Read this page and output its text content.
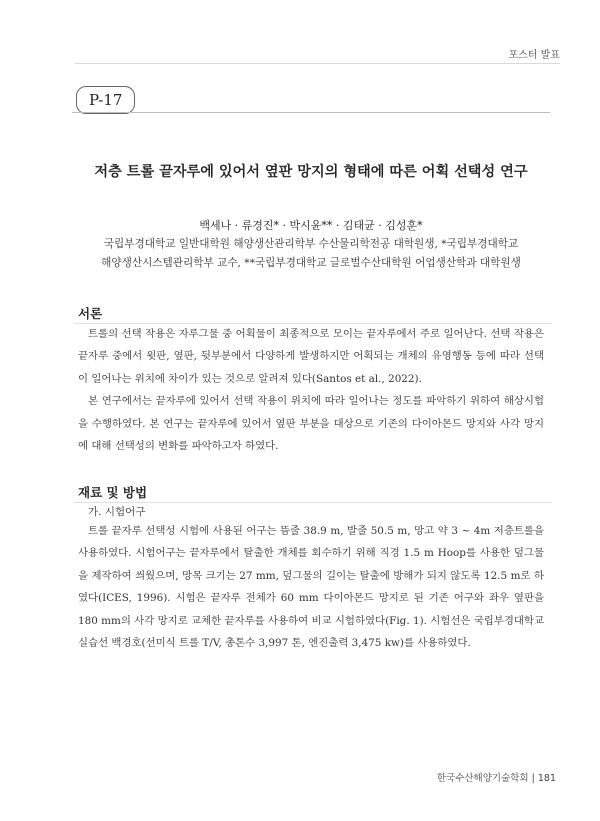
포스터 발표
P-17
저층 트롤 끝자루에 있어서 옆판 망지의 형태에 따른 어획 선택성 연구
백세나 · 류경진* · 박시윤** · 김태균 · 김성훈*
국립부경대학교 일반대학원 해양생산관리학부 수산물리학전공 대학원생, *국립부경대학교
해양생산시스템관리학부 교수, **국립부경대학교 글로벌수산대학원 어업생산학과 대학원생
서론

트롤의 선택 작용은 자루그물 중 어획물이 최종적으로 모이는 끝자루에서 주로 일어난다. 선택 작용은 끝자루 중에서 윗판, 옆판, 뒷부분에서 다양하게 발생하지만 어획되는 개체의 유영행동 등에 따라 선택이 일어나는 위치에 차이가 있는 것으로 알려져 있다(Santos et al., 2022).

본 연구에서는 끝자루에 있어서 선택 작용이 위치에 따라 일어나는 정도를 파악하기 위하여 해상시험을 수행하였다. 본 연구는 끝자루에 있어서 옆판 부분을 대상으로 기존의 다이아몬드 망지와 사각 망지에 대해 선택성의 변화를 파악하고자 하였다.

재료 및 방법
가. 시험어구

트롤 끝자루 선택성 시험에 사용된 어구는 뜸줄 38.9 m, 발줄 50.5 m, 망고 약 3 ~ 4m 저층트롤을 사용하였다. 시험어구는 끝자루에서 탈출한 개체를 회수하기 위해 직경 1.5 m Hoop를 사용한 덮그물을 제작하여 씌웠으며, 망목 크기는 27 mm, 덮그물의 길이는 탈출에 방해가 되지 않도록 12.5 m로 하였다(ICES, 1996). 시험은 끝자루 전체가 60 mm 다이아몬드 망지로 된 기존 어구와 좌우 옆판을 180 mm의 사각 망지로 교체한 끝자루를 사용하여 비교 시험하였다(Fig. 1). 시험선은 국립부경대학교 실습선 백경호(선미식 트롤 T/V, 총톤수 3,997 톤, 엔진출력 3,475 kw)를 사용하였다.

한국수산해양기술학회 | 181
